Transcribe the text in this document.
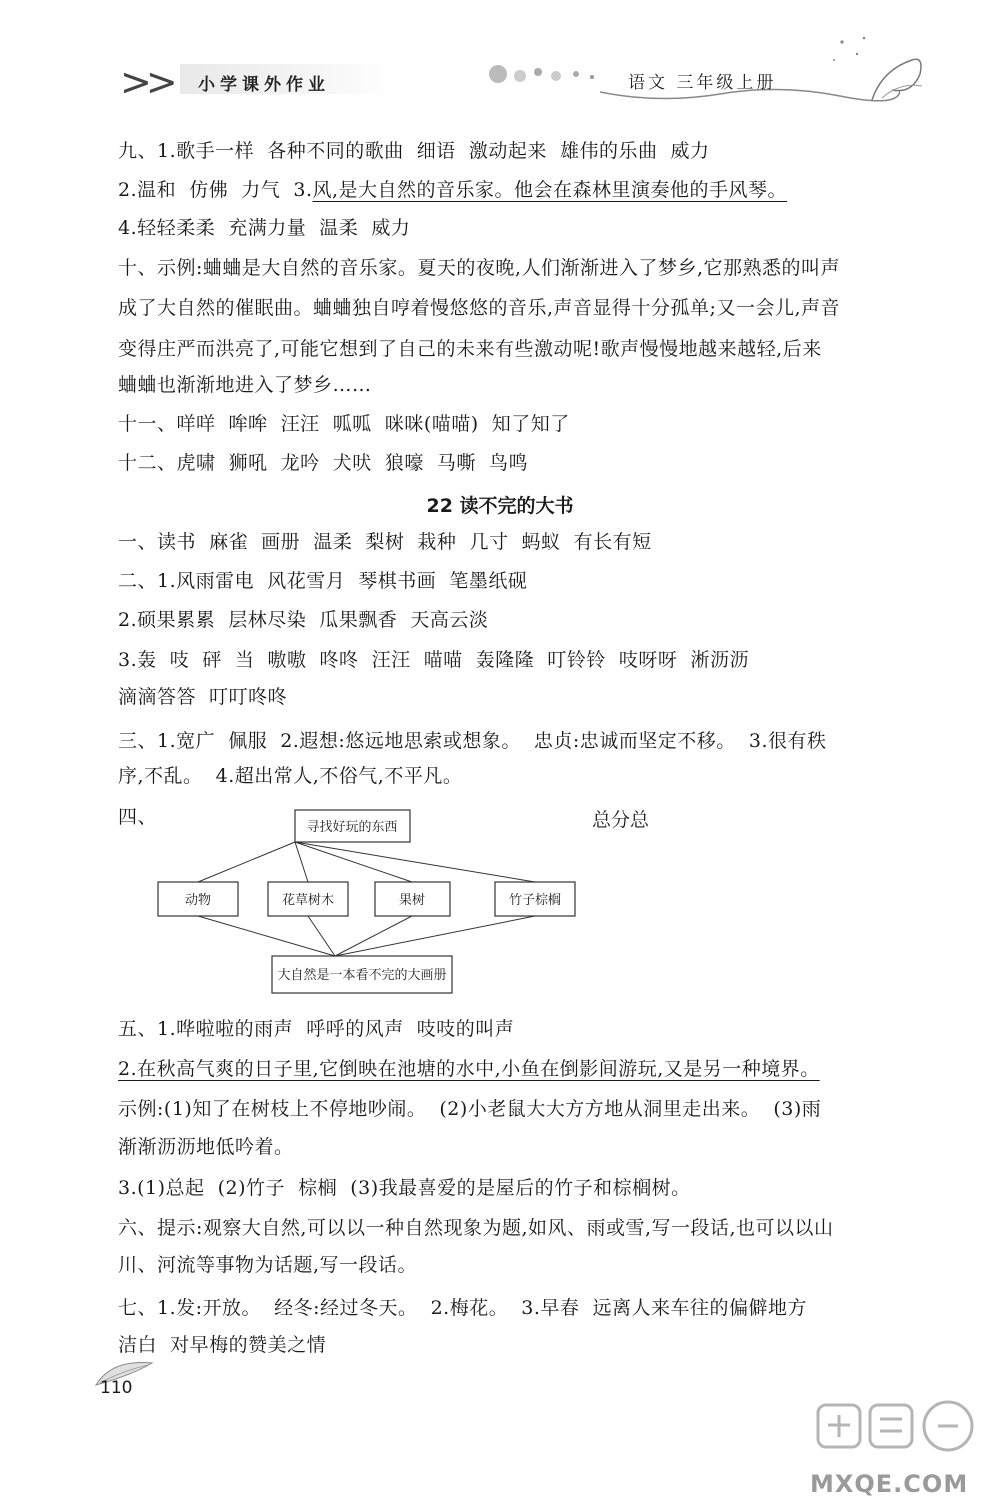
>> 小学课外作业	语文 三年级上册
九、1.歌手一样  各种不同的歌曲  细语  激动起来  雄伟的乐曲  威力
2.温和  仿佛  力气  3.风,是大自然的音乐家。他会在森林里演奏他的手风琴。
4.轻轻柔柔  充满力量  温柔  威力
十、示例:蛐蛐是大自然的音乐家。夏天的夜晚,人们渐渐进入了梦乡,它那熟悉的叫声
成了大自然的催眠曲。蛐蛐独自哼着慢悠悠的音乐,声音显得十分孤单;又一会儿,声音
变得庄严而洪亮了,可能它想到了自己的未来有些激动呢!歌声慢慢地越来越轻,后来
蛐蛐也渐渐地进入了梦乡……
十一、咩咩  哞哞  汪汪  呱呱  咪咪(喵喵)  知了知了
十二、虎啸  狮吼  龙吟  犬吠  狼嚎  马嘶  鸟鸣
22 读不完的大书
一、读书  麻雀  画册  温柔  梨树  栽种  几寸  蚂蚁  有长有短
二、1.风雨雷电  风花雪月  琴棋书画  笔墨纸砚
2.硕果累累  层林尽染  瓜果飘香  天高云淡
3.轰  吱  砰  当  嗷嗷  咚咚  汪汪  喵喵  轰隆隆  叮铃铃  吱呀呀  淅沥沥
滴滴答答  叮叮咚咚
三、1.宽广  佩服  2.遐想:悠远地思索或想象。  忠贞:忠诚而坚定不移。  3.很有秩
序,不乱。  4.超出常人,不俗气,不平凡。
四、	总分总
寻找好玩的东西
动物	花草树木	果树	竹子棕榈
大自然是一本看不完的大画册
五、1.哗啦啦的雨声  呼呼的风声  吱吱的叫声
2.在秋高气爽的日子里,它倒映在池塘的水中,小鱼在倒影间游玩,又是另一种境界。
示例:(1)知了在树枝上不停地吵闹。  (2)小老鼠大大方方地从洞里走出来。  (3)雨
渐渐沥沥地低吟着。
3.(1)总起  (2)竹子  棕榈  (3)我最喜爱的是屋后的竹子和棕榈树。
六、提示:观察大自然,可以以一种自然现象为题,如风、雨或雪,写一段话,也可以以山
川、河流等事物为话题,写一段话。
七、1.发:开放。  经冬:经过冬天。  2.梅花。  3.早春  远离人来车往的偏僻地方
洁白  对早梅的赞美之情
110
MXQE.COM
